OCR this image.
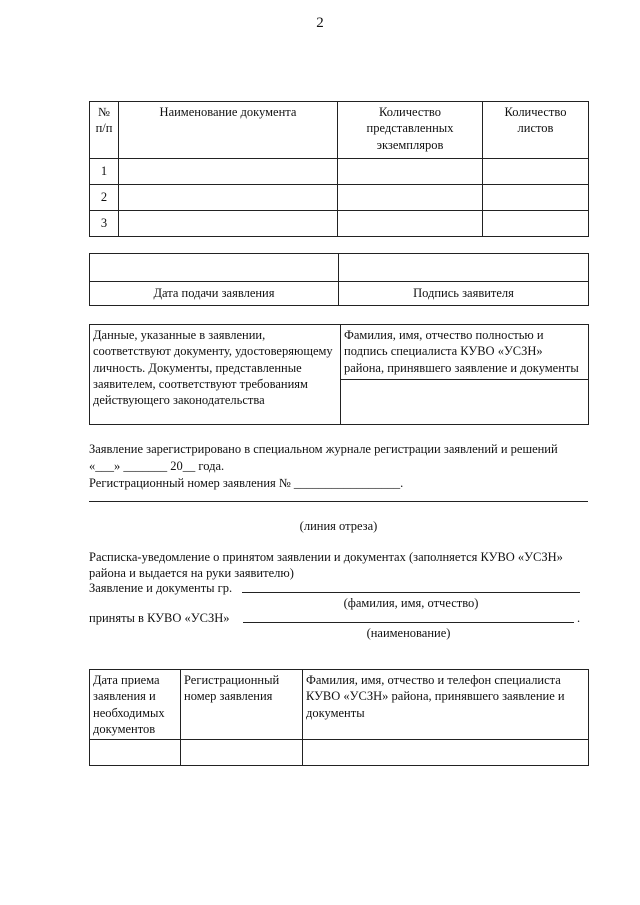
2
№ п/п	Наименование документа	Количество представленных экземпляров	Количество листов
1			
2			
3			

Дата подачи заявления	Подпись заявителя
Данные, указанные в заявлении, соответствуют документу, удостоверяющему личность. Документы, представленные заявителем, соответствуют требованиям действующего законодательства	Фамилия, имя, отчество полностью и подпись специалиста КУВО «УСЗН» района, принявшего заявление и документы

Заявление зарегистрировано в специальном журнале регистрации заявлений и решений
«___» _______ 20__ года.
Регистрационный номер заявления № _________________.
(линия отреза)
Расписка-уведомление о принятом заявлении и документах (заполняется КУВО «УСЗН»
района и выдается на руки заявителю)
Заявление и документы гр.
(фамилия, имя, отчество)
приняты в КУВО «УСЗН»	.
(наименование)
Дата приема заявления и необходимых документов	Регистрационный номер заявления	Фамилия, имя, отчество и телефон специалиста КУВО «УСЗН» района, принявшего заявление и документы
